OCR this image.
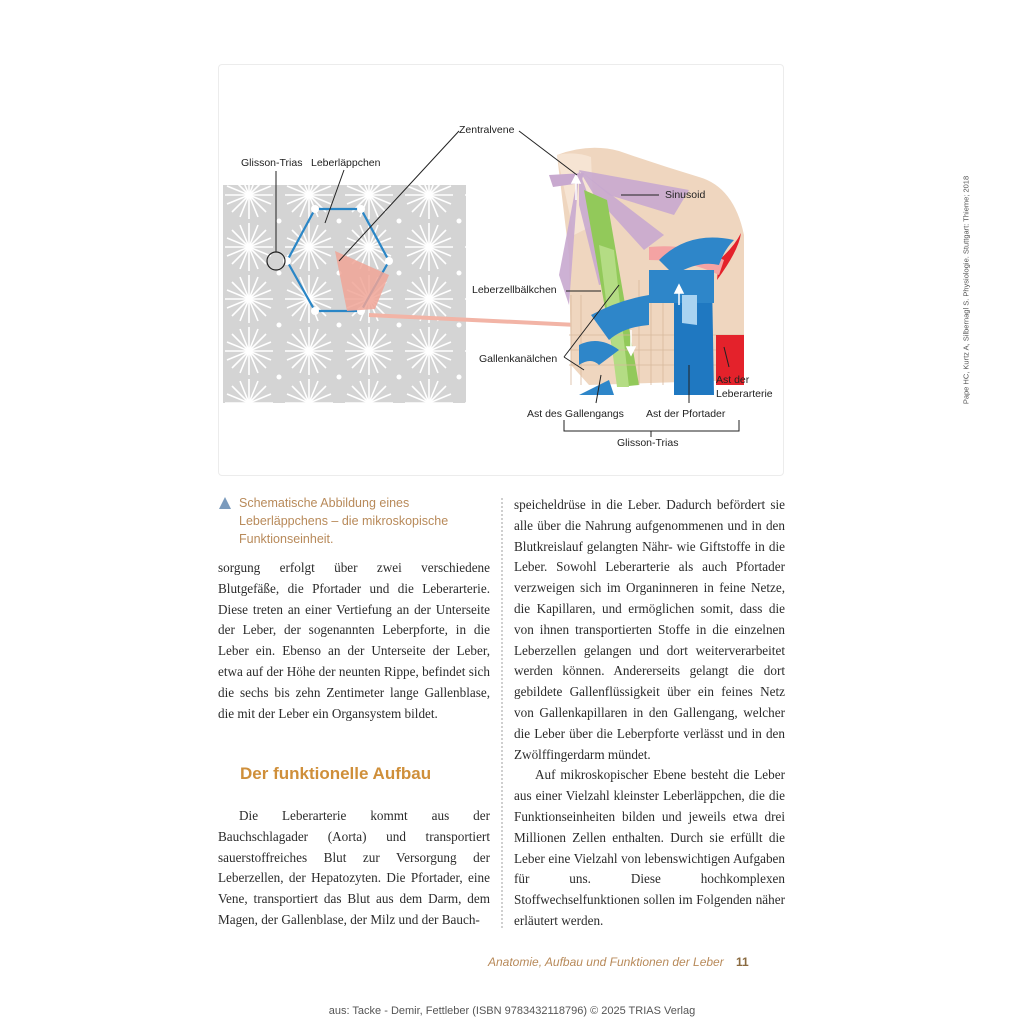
Glisson-Trias Leberläppchen
Zentralvene
Sinusoid
Leberzellbälkchen
Gallenkanälchen
Ast der
Leberarterie
Ast des Gallengangs Ast der Pfortader
Glisson-Trias
Pape HC, Kurtz A, Silbernagl S. Physiologie. Stuttgart: Thieme; 2018
Schematische Abbildung eines Leberläppchens – die mikroskopische Funktionseinheit.

sorgung erfolgt über zwei verschiedene Blutgefäße, die Pfortader und die Leberarterie. Diese treten an einer Vertiefung an der Unterseite der Leber, der sogenannten Leberpforte, in die Leber ein. Ebenso an der Unterseite der Leber, etwa auf der Höhe der neunten Rippe, befindet sich die sechs bis zehn Zentimeter lange Gallenblase, die mit der Leber ein Organsystem bildet.

Der funktionelle Aufbau

Die Leberarterie kommt aus der Bauchschlagader (Aorta) und transportiert sauerstoffreiches Blut zur Versorgung der Leberzellen, der Hepatozyten. Die Pfortader, eine Vene, transportiert das Blut aus dem Darm, dem Magen, der Gallenblase, der Milz und der Bauch-

speicheldrüse in die Leber. Dadurch befördert sie alle über die Nahrung aufgenommenen und in den Blutkreislauf gelangten Nähr- wie Giftstoffe in die Leber. Sowohl Leberarterie als auch Pfortader verzweigen sich im Organinneren in feine Netze, die Kapillaren, und ermöglichen somit, dass die von ihnen transportierten Stoffe in die einzelnen Leberzellen gelangen und dort weiterverarbeitet werden können. Andererseits gelangt die dort gebildete Gallenflüssigkeit über ein feines Netz von Gallenkapillaren in den Gallengang, welcher die Leber über die Leberpforte verlässt und in den Zwölffingerdarm mündet.

Auf mikroskopischer Ebene besteht die Leber aus einer Vielzahl kleinster Leberläppchen, die die Funktionseinheiten bilden und jeweils etwa drei Millionen Zellen enthalten. Durch sie erfüllt die Leber eine Vielzahl von lebenswichtigen Aufgaben für uns. Diese hochkomplexen Stoffwechselfunktionen sollen im Folgenden näher erläutert werden.

Anatomie, Aufbau und Funktionen der Leber 11
aus: Tacke - Demir, Fettleber (ISBN 9783432118796) © 2025 TRIAS Verlag
